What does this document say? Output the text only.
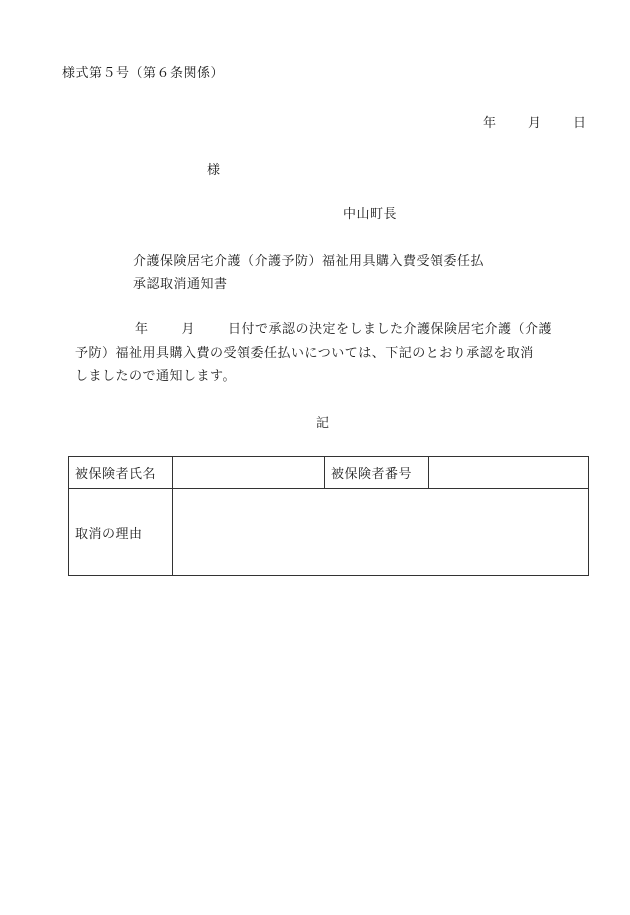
様式第５号（第６条関係）
年 月 日
様
中山町長
介護保険居宅介護（介護予防）福祉用具購入費受領委任払
承認取消通知書
年	月	日付で承認の決定をしました介護保険居宅介護（介護
予防）福祉用具購入費の受領委任払いについては、下記のとおり承認を取消
しましたので通知します。
記
被保険者氏名		被保険者番号	
取消の理由			
